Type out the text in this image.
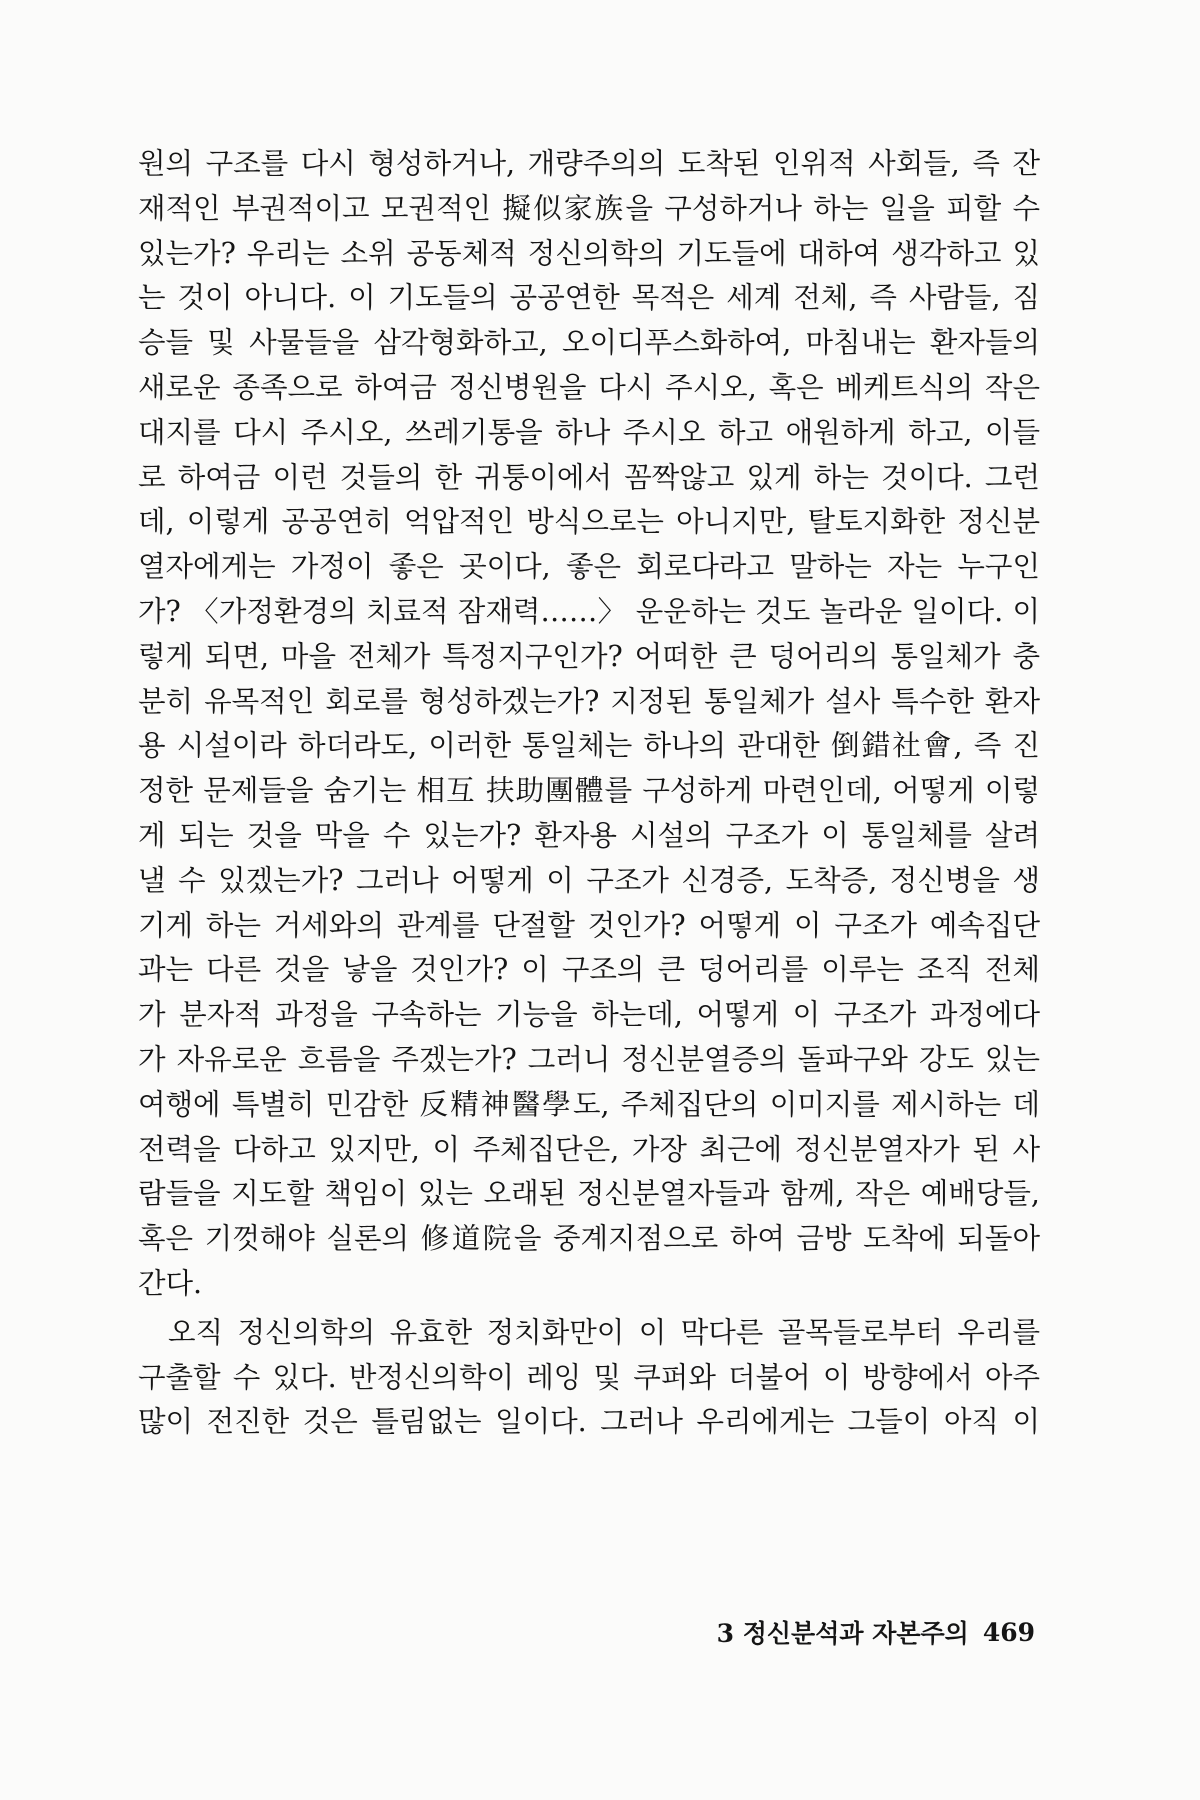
원의 구조를 다시 형성하거나, 개량주의의 도착된 인위적 사회들, 즉 잔
재적인 부권적이고 모권적인 擬似家族을 구성하거나 하는 일을 피할 수
있는가? 우리는 소위 공동체적 정신의학의 기도들에 대하여 생각하고 있
는 것이 아니다. 이 기도들의 공공연한 목적은 세계 전체, 즉 사람들, 짐
승들 및 사물들을 삼각형화하고, 오이디푸스화하여, 마침내는 환자들의
새로운 종족으로 하여금 정신병원을 다시 주시오, 혹은 베케트식의 작은
대지를 다시 주시오, 쓰레기통을 하나 주시오 하고 애원하게 하고, 이들
로 하여금 이런 것들의 한 귀퉁이에서 꼼짝않고 있게 하는 것이다. 그런
데, 이렇게 공공연히 억압적인 방식으로는 아니지만, 탈토지화한 정신분
열자에게는 가정이 좋은 곳이다, 좋은 회로다라고 말하는 자는 누구인
가? 〈가정환경의 치료적 잠재력……〉 운운하는 것도 놀라운 일이다. 이
렇게 되면, 마을 전체가 특정지구인가? 어떠한 큰 덩어리의 통일체가 충
분히 유목적인 회로를 형성하겠는가? 지정된 통일체가 설사 특수한 환자
용 시설이라 하더라도, 이러한 통일체는 하나의 관대한 倒錯社會, 즉 진
정한 문제들을 숨기는 相互 扶助團體를 구성하게 마련인데, 어떻게 이렇
게 되는 것을 막을 수 있는가? 환자용 시설의 구조가 이 통일체를 살려
낼 수 있겠는가? 그러나 어떻게 이 구조가 신경증, 도착증, 정신병을 생
기게 하는 거세와의 관계를 단절할 것인가? 어떻게 이 구조가 예속집단
과는 다른 것을 낳을 것인가? 이 구조의 큰 덩어리를 이루는 조직 전체
가 분자적 과정을 구속하는 기능을 하는데, 어떻게 이 구조가 과정에다
가 자유로운 흐름을 주겠는가? 그러니 정신분열증의 돌파구와 강도 있는
여행에 특별히 민감한 反精神醫學도, 주체집단의 이미지를 제시하는 데
전력을 다하고 있지만, 이 주체집단은, 가장 최근에 정신분열자가 된 사
람들을 지도할 책임이 있는 오래된 정신분열자들과 함께, 작은 예배당들,
혹은 기껏해야 실론의 修道院을 중계지점으로 하여 금방 도착에 되돌아
간다.
오직 정신의학의 유효한 정치화만이 이 막다른 골목들로부터 우리를
구출할 수 있다. 반정신의학이 레잉 및 쿠퍼와 더불어 이 방향에서 아주
많이 전진한 것은 틀림없는 일이다. 그러나 우리에게는 그들이 아직 이
3 정신분석과 자본주의 469
